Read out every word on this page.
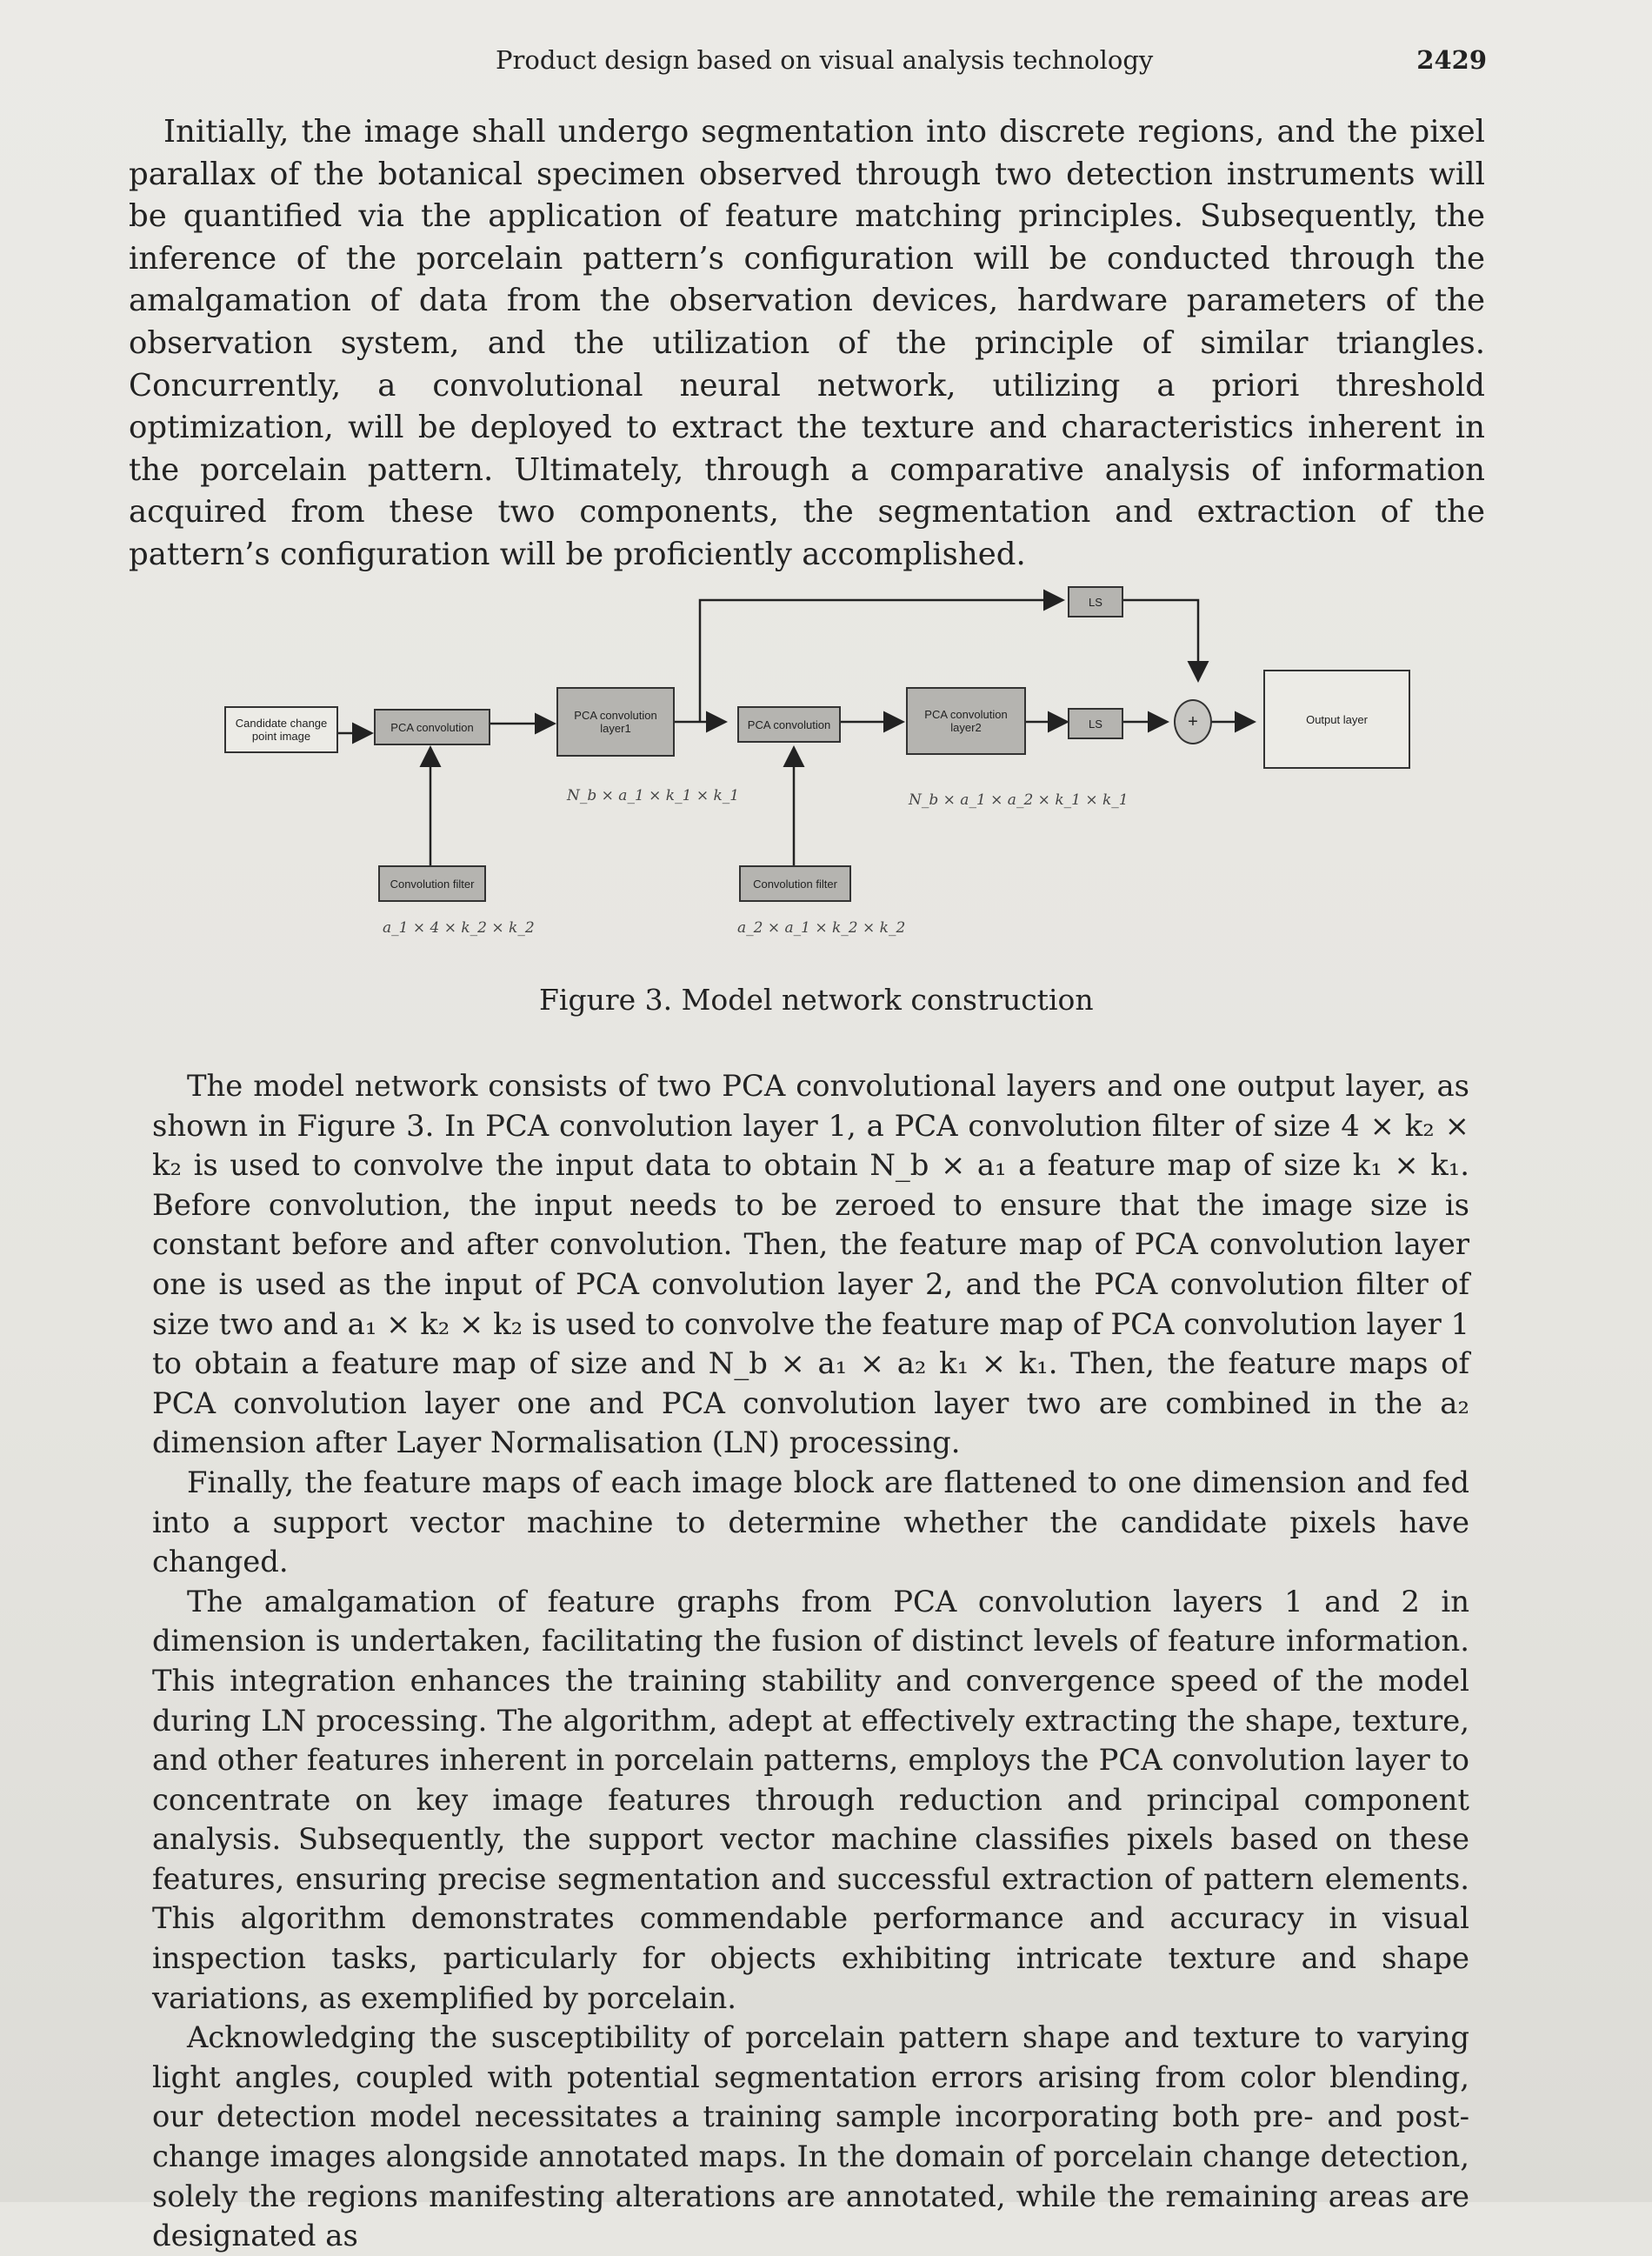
Product design based on visual analysis technology	2429

Initially, the image shall undergo segmentation into discrete regions, and the pixel parallax of the botanical specimen observed through two detection instruments will be quantified via the application of feature matching principles. Subsequently, the inference of the porcelain pattern’s configuration will be conducted through the amalgamation of data from the observation devices, hardware parameters of the observation system, and the utilization of the principle of similar triangles. Concurrently, a convolutional neural network, utilizing a priori threshold optimization, will be deployed to extract the texture and characteristics inherent in the porcelain pattern. Ultimately, through a comparative analysis of information acquired from these two components, the segmentation and extraction of the pattern’s configuration will be proficiently accomplished.

Candidate change point image
PCA convolution
PCA convolution layer1	PCA convolution
PCA convolution layer2
LS
LS	+	Output layer
Convolution filter	Convolution filter
N_b × a_1 × k_1 × k_1	N_b × a_1 × a_2 × k_1 × k_1
a_1 × 4 × k_2 × k_2	a_2 × a_1 × k_2 × k_2
Figure 3. Model network construction

The model network consists of two PCA convolutional layers and one output layer, as shown in Figure 3. In PCA convolution layer 1, a PCA convolution filter of size 4 × k₂ × k₂ is used to convolve the input data to obtain N_b × a₁ a feature map of size k₁ × k₁. Before convolution, the input needs to be zeroed to ensure that the image size is constant before and after convolution. Then, the feature map of PCA convolution layer one is used as the input of PCA convolution layer 2, and the PCA convolution filter of size two and a₁ × k₂ × k₂ is used to convolve the feature map of PCA convolution layer 1 to obtain a feature map of size and N_b × a₁ × a₂ k₁ × k₁. Then, the feature maps of PCA convolution layer one and PCA convolution layer two are combined in the a₂ dimension after Layer Normalisation (LN) processing.

Finally, the feature maps of each image block are flattened to one dimension and fed into a support vector machine to determine whether the candidate pixels have changed.

The amalgamation of feature graphs from PCA convolution layers 1 and 2 in dimension is undertaken, facilitating the fusion of distinct levels of feature information. This integration enhances the training stability and convergence speed of the model during LN processing. The algorithm, adept at effectively extracting the shape, texture, and other features inherent in porcelain patterns, employs the PCA convolution layer to concentrate on key image features through reduction and principal component analysis. Subsequently, the support vector machine classifies pixels based on these features, ensuring precise segmentation and successful extraction of pattern elements. This algorithm demonstrates commendable performance and accuracy in visual inspection tasks, particularly for objects exhibiting intricate texture and shape variations, as exemplified by porcelain.

Acknowledging the susceptibility of porcelain pattern shape and texture to varying light angles, coupled with potential segmentation errors arising from color blending, our detection model necessitates a training sample incorporating both pre- and post-change images alongside annotated maps. In the domain of porcelain change detection, solely the regions manifesting alterations are annotated, while the remaining areas are designated as
